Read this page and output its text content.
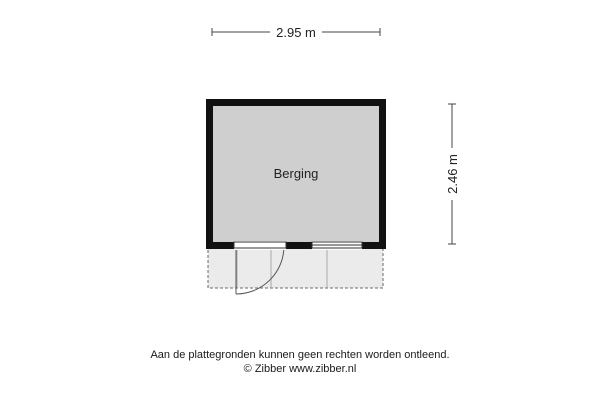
2.95 m
2.46 m
Berging
Aan de plattegronden kunnen geen rechten worden ontleend.
© Zibber www.zibber.nl
